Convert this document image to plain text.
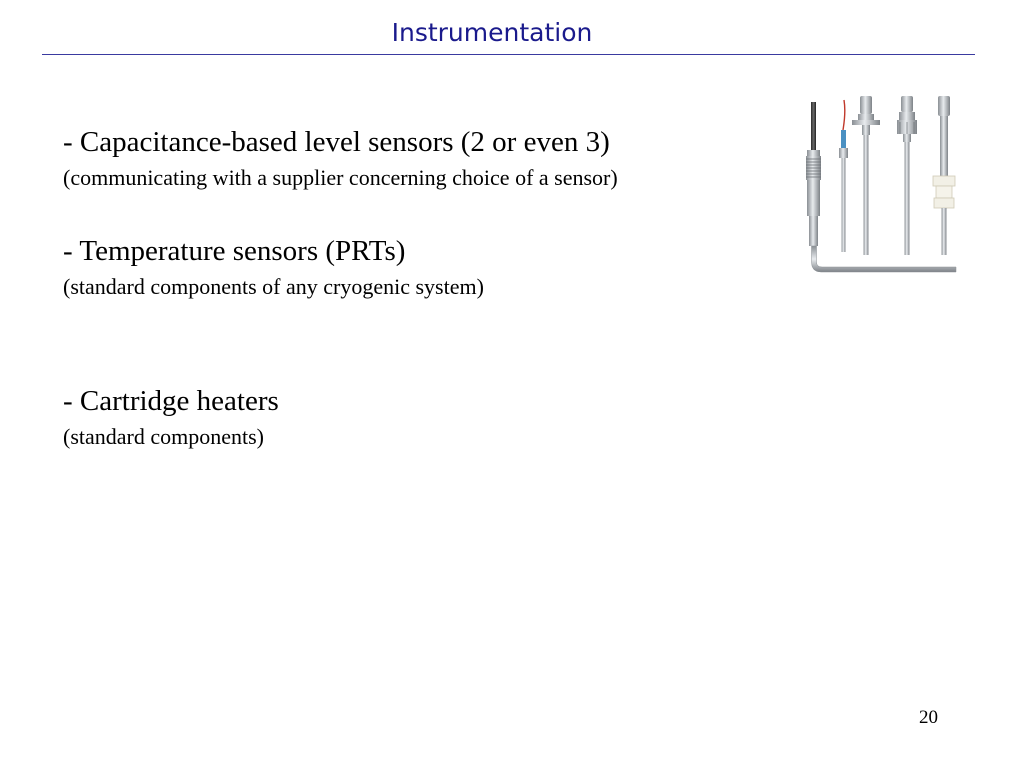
Instrumentation

- Capacitance-based level sensors (2 or even 3)

(communicating with a supplier concerning choice of a sensor)

- Temperature sensors (PRTs)

(standard components of any cryogenic system)

- Cartridge heaters

(standard components)

20
